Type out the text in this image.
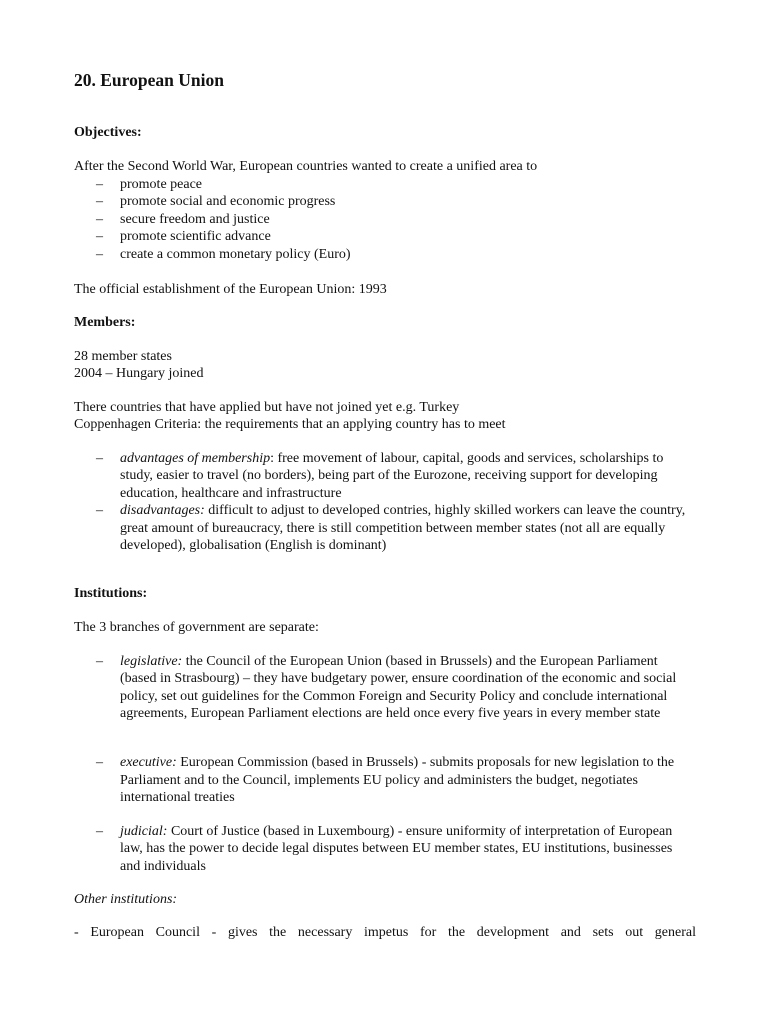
20. European Union

Objectives:

After the Second World War, European countries wanted to create a unified area to

– promote peace
– promote social and economic progress
– secure freedom and justice
– promote scientific advance
– create a common monetary policy (Euro)

The official establishment of the European Union: 1993

Members:

28 member states

2004 – Hungary joined

There countries that have applied but have not joined yet e.g. Turkey

Coppenhagen Criteria: the requirements that an applying country has to meet

– advantages of membership: free movement of labour, capital, goods and services, scholarships to study, easier to travel (no borders), being part of the Eurozone, receiving support for developing education, healthcare and infrastructure
– disadvantages: difficult to adjust to developed contries, highly skilled workers can leave the country, great amount of bureaucracy, there is still competition between member states (not all are equally developed), globalisation (English is dominant)

Institutions:

The 3 branches of government are separate:

– legislative: the Council of the European Union (based in Brussels) and the European Parliament (based in Strasbourg) – they have budgetary power, ensure coordination of the economic and social policy, set out guidelines for the Common Foreign and Security Policy and conclude international agreements, European Parliament elections are held once every five years in every member state
– executive: European Commission (based in Brussels) - submits proposals for new legislation to the Parliament and to the Council, implements EU policy and administers the budget, negotiates international treaties
– judicial: Court of Justice (based in Luxembourg) - ensure uniformity of interpretation of European law, has the power to decide legal disputes between EU member states, EU institutions, businesses and individuals

Other institutions:

- European Council - gives the necessary impetus for the development and sets out general
